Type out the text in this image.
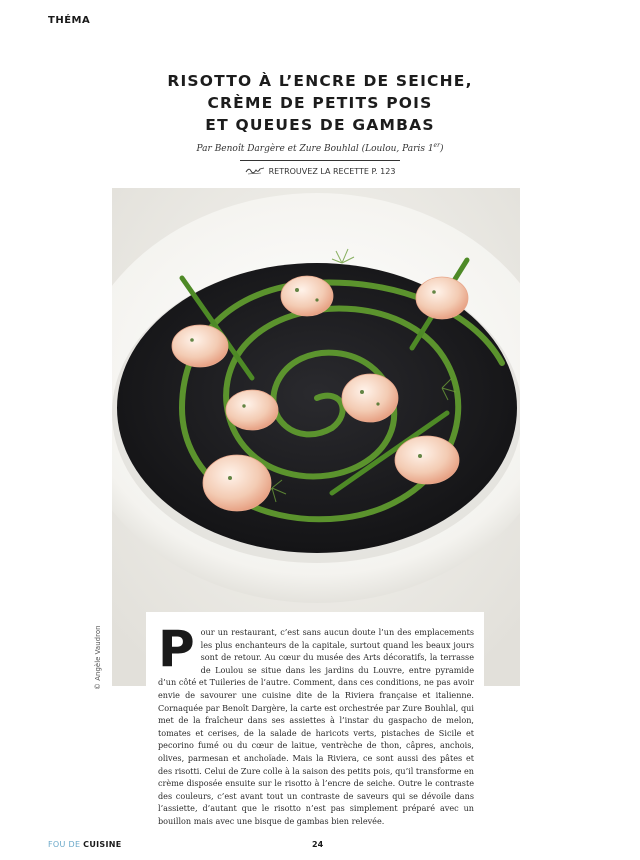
THÉMA
RISOTTO À L’ENCRE DE SEICHE,
CRÈME DE PETITS POIS
ET QUEUES DE GAMBAS
Par Benoît Dargère et Zure Bouhlal (Loulou, Paris 1er)
RETROUVEZ LA RECETTE P. 123
© Angèle Vaudron P our un restaurant, c’est sans aucun doute l’un des emplacements les plus enchanteurs de la capitale, surtout quand les beaux jours sont de retour. Au cœur du musée des Arts décoratifs, la terrasse de Loulou se situe dans les jardins du Louvre, entre pyramide d’un côté et Tuileries de l’autre. Comment, dans ces conditions, ne pas avoir envie de savourer une cuisine dite de la Riviera française et italienne. Cornaquée par Benoît Dargère, la carte est orchestrée par Zure Bouhlal, qui met de la fraîcheur dans ses assiettes à l’instar du gaspacho de melon, tomates et cerises, de la salade de haricots verts, pistaches de Sicile et pecorino fumé ou du cœur de laitue, ventrèche de thon, câpres, anchois, olives, parmesan et anchoïade. Mais la Riviera, ce sont aussi des pâtes et des risotti. Celui de Zure colle à la saison des petits pois, qu’il transforme en crème disposée ensuite sur le risotto à l’encre de seiche. Outre le contraste des couleurs, c’est avant tout un contraste de saveurs qui se dévoile dans l’assiette, d’autant que le risotto n’est pas simplement préparé avec un bouillon mais avec une bisque de gambas bien relevée.

FOU DE CUISINE	24
